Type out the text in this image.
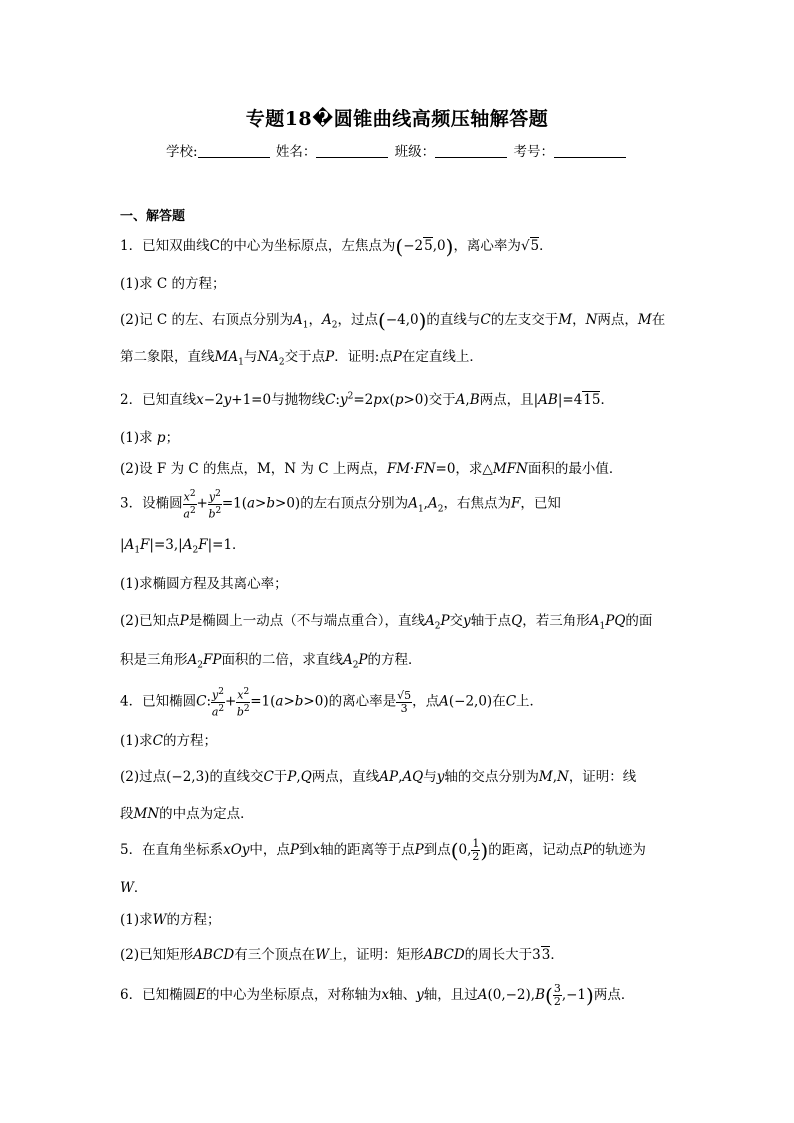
专题18�圆锥曲线高频压轴解答题
学校:	姓名：	班级：	考号：
一、解答题
1．已知双曲线C的中心为坐标原点，左焦点为(−25,0)，离心率为√5．
(1)求 C 的方程；
(2)记 C 的左、右顶点分别为$A_1$，$A_2$，过点(−4,0)的直线与C的左支交于M，N两点，M在
第二象限，直线$MA_1$与$NA_2$交于点P．证明:点P在定直线上．
2．已知直线x−2y+1=0与抛物线$C:y^2=2px(p>0)$交于A,B两点，且|AB|=415．
(1)求 p；
(2)设 F 为 C 的焦点，M，N 为 C 上两点，FM·FN=0，求△MFN面积的最小值．
3．设椭圆 $\frac{x^2}{a^2} + \frac{y^2}{b^2} =1(a>b>0)$的左右顶点分别为$A_1,A_2$，右焦点为F，已知
$|A_1F|=3,|A_2F|=1$．
(1)求椭圆方程及其离心率；
(2)已知点P是椭圆上一动点（不与端点重合），直线$A_2P$交y轴于点Q，若三角形$A_1PQ$的面
积是三角形$A_2FP$面积的二倍，求直线$A_2P$的方程．
4．已知椭圆C: $\frac{y^2}{a^2} + \frac{x^2}{b^2} =1(a>b>0)$的离心率是 $\frac{√5}{3}$ ，点A(−2,0)在C上．
(1)求C的方程；
(2)过点(−2,3)的直线交C于P,Q两点，直线AP,AQ与y轴的交点分别为M,N，证明：线
段MN的中点为定点．
5．在直角坐标系xOy中，点P到x轴的距离等于点P到点(0, $\frac{1}{2}$ )的距离，记动点P的轨迹为
W．
(1)求W的方程；
(2)已知矩形ABCD有三个顶点在W上，证明：矩形ABCD的周长大于33．
6．已知椭圆E的中心为坐标原点，对称轴为x轴、y轴，且过$A(0,-2),B( \frac{3}{2} ,-1)$两点．
